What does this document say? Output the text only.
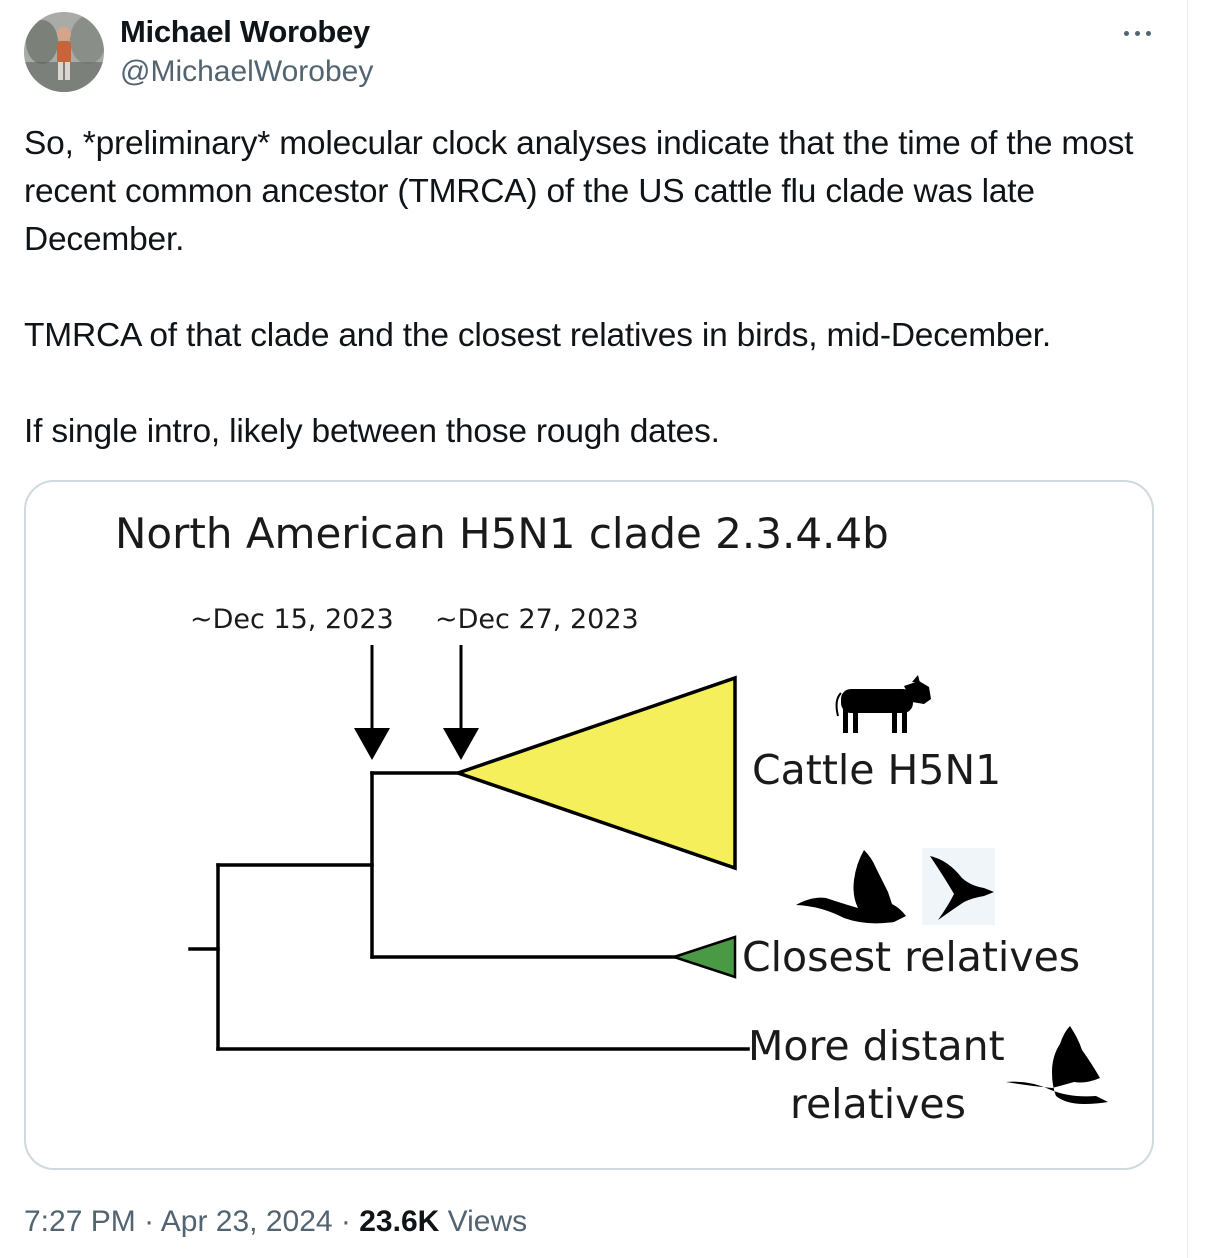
Michael Worobey
@MichaelWorobey
So, *preliminary* molecular clock analyses indicate that the time of the most recent common ancestor (TMRCA) of the US cattle flu clade was late December.

TMRCA of that clade and the closest relatives in birds, mid-December.

If single intro, likely between those rough dates.
North American H5N1 clade 2.3.4.4b
~Dec 15, 2023 ~Dec 27, 2023
Cattle H5N1
Closest relatives
More distant
relatives
7:27 PM · Apr 23, 2024 · 23.6K Views
